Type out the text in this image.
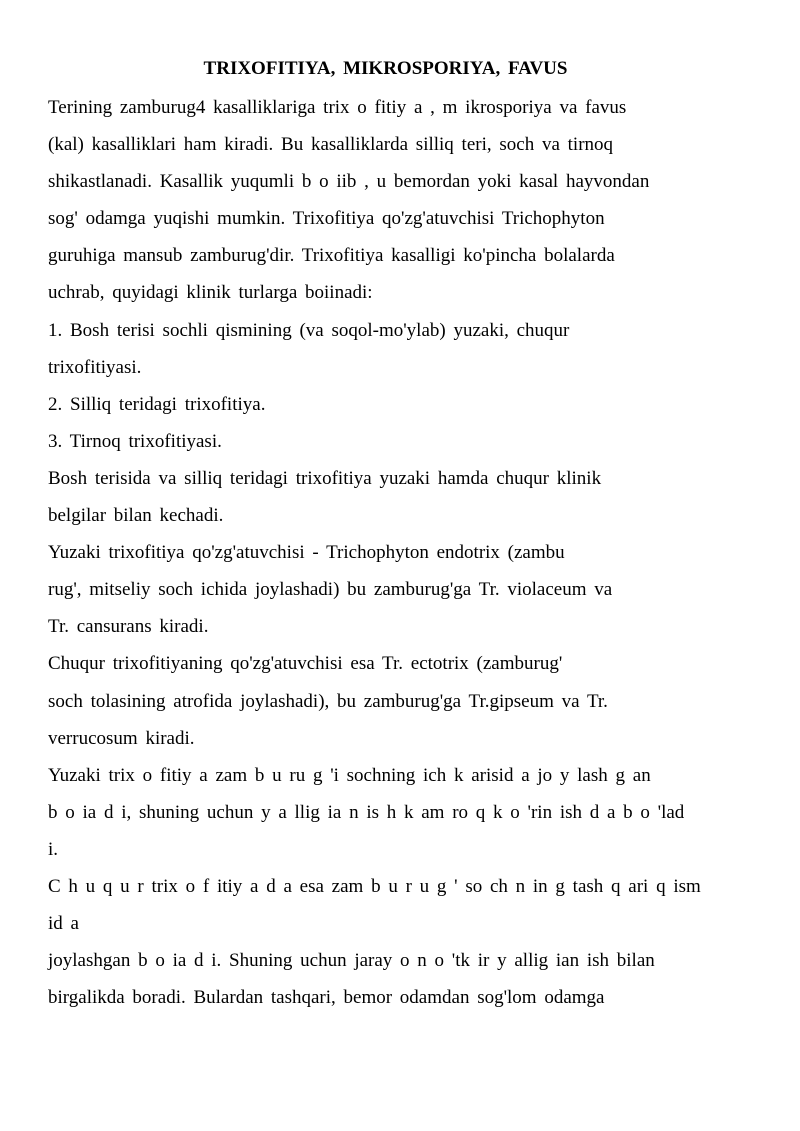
TRIXOFITIYA, MIKROSPORIYA, FAVUS
Terining zamburug4 kasalliklariga trix o fitiy a , m ikrosporiya va favus
(kal) kasalliklari ham kiradi. Bu kasalliklarda silliq teri, soch va tirnoq
shikastlanadi. Kasallik yuqumli b o iib , u bemordan yoki kasal hayvondan
sog' odamga yuqishi mumkin. Trixofitiya qo'zg'atuvchisi Trichophyton
guruhiga mansub zamburug'dir. Trixofitiya kasalligi ko'pincha bolalarda
uchrab, quyidagi klinik turlarga boiinadi:
1. Bosh terisi sochli qismining (va soqol-mo'ylab) yuzaki, chuqur
trixofitiyasi.
2. Silliq teridagi trixofitiya.
3. Tirnoq trixofitiyasi.
Bosh terisida va silliq teridagi trixofitiya yuzaki hamda chuqur klinik
belgilar bilan kechadi.
Yuzaki trixofitiya qo'zg'atuvchisi - Trichophyton endotrix (zambu
rug', mitseliy soch ichida joylashadi) bu zamburug'ga Tr. violaceum va
Tr. cansurans kiradi.
Chuqur trixofitiyaning qo'zg'atuvchisi esa Tr. ectotrix (zamburug'
soch tolasining atrofida joylashadi), bu zamburug'ga Tr.gipseum va Tr.
verrucosum kiradi.
Yuzaki trix o fitiy a zam b u ru g 'i sochning ich k arisid a jo y lash g an
b o ia d i, shuning uchun y a llig ia n is h k am ro q k o 'rin ish d a b o 'lad
i.
C h u q u r trix o f itiy a d a esa zam b u r u g ' so ch n in g tash q ari q ism
id a
joylashgan b o ia d i. Shuning uchun jaray o n o 'tk ir y allig ian ish bilan
birgalikda boradi. Bulardan tashqari, bemor odamdan sog'lom odamga
